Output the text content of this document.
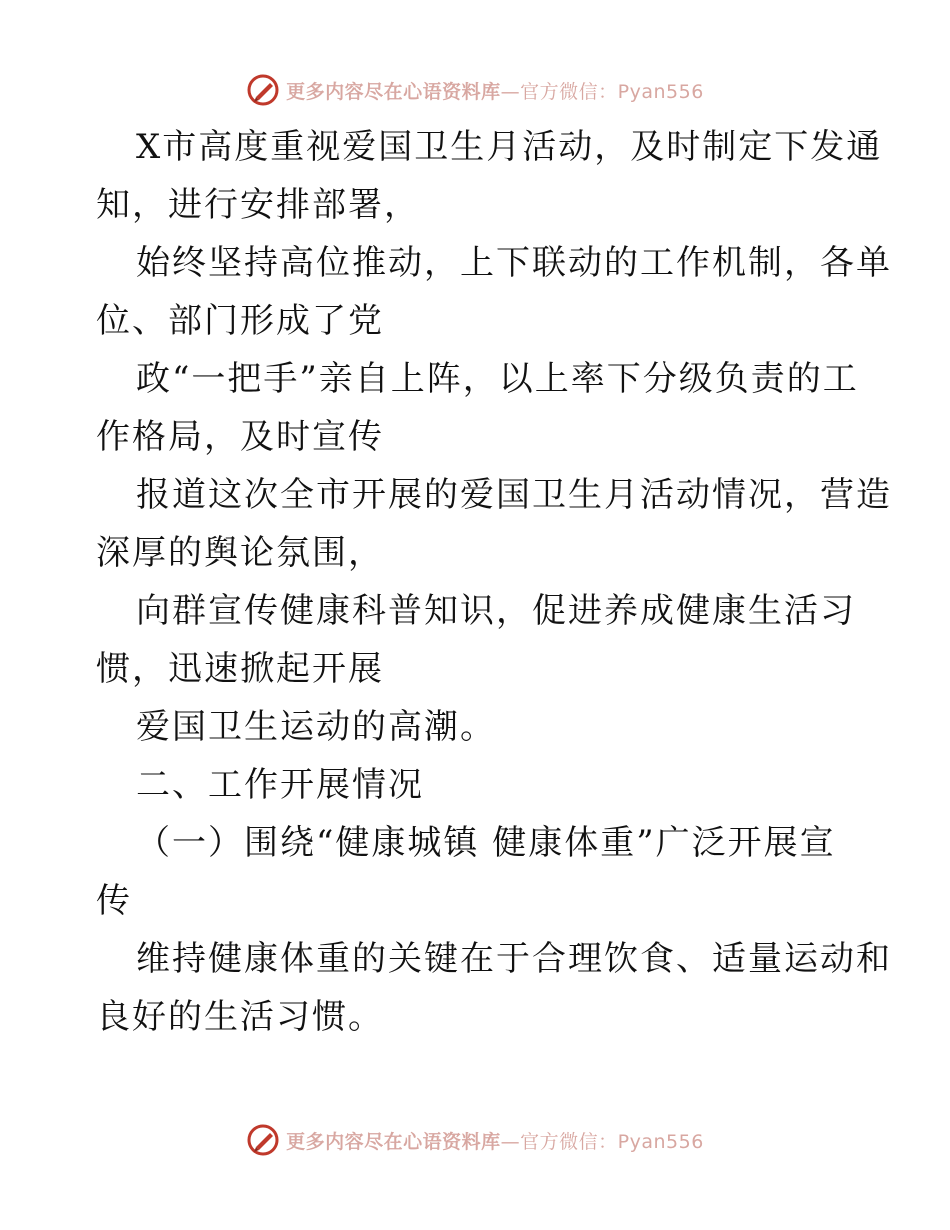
更多内容尽在心语资料库 —官方微信：Pyan556
X市高度重视爱国卫生月活动，及时制定下发通
知，进行安排部署，
始终坚持高位推动，上下联动的工作机制，各单
位、部门形成了党
政“一把手”亲自上阵，以上率下分级负责的工
作格局，及时宣传
报道这次全市开展的爱国卫生月活动情况，营造
深厚的舆论氛围，
向群宣传健康科普知识，促进养成健康生活习
惯，迅速掀起开展
爱国卫生运动的高潮。
二、工作开展情况
（一）围绕“健康城镇 健康体重”广泛开展宣
传
维持健康体重的关键在于合理饮食、适量运动和
良好的生活习惯。
更多内容尽在心语资料库 —官方微信：Pyan556
